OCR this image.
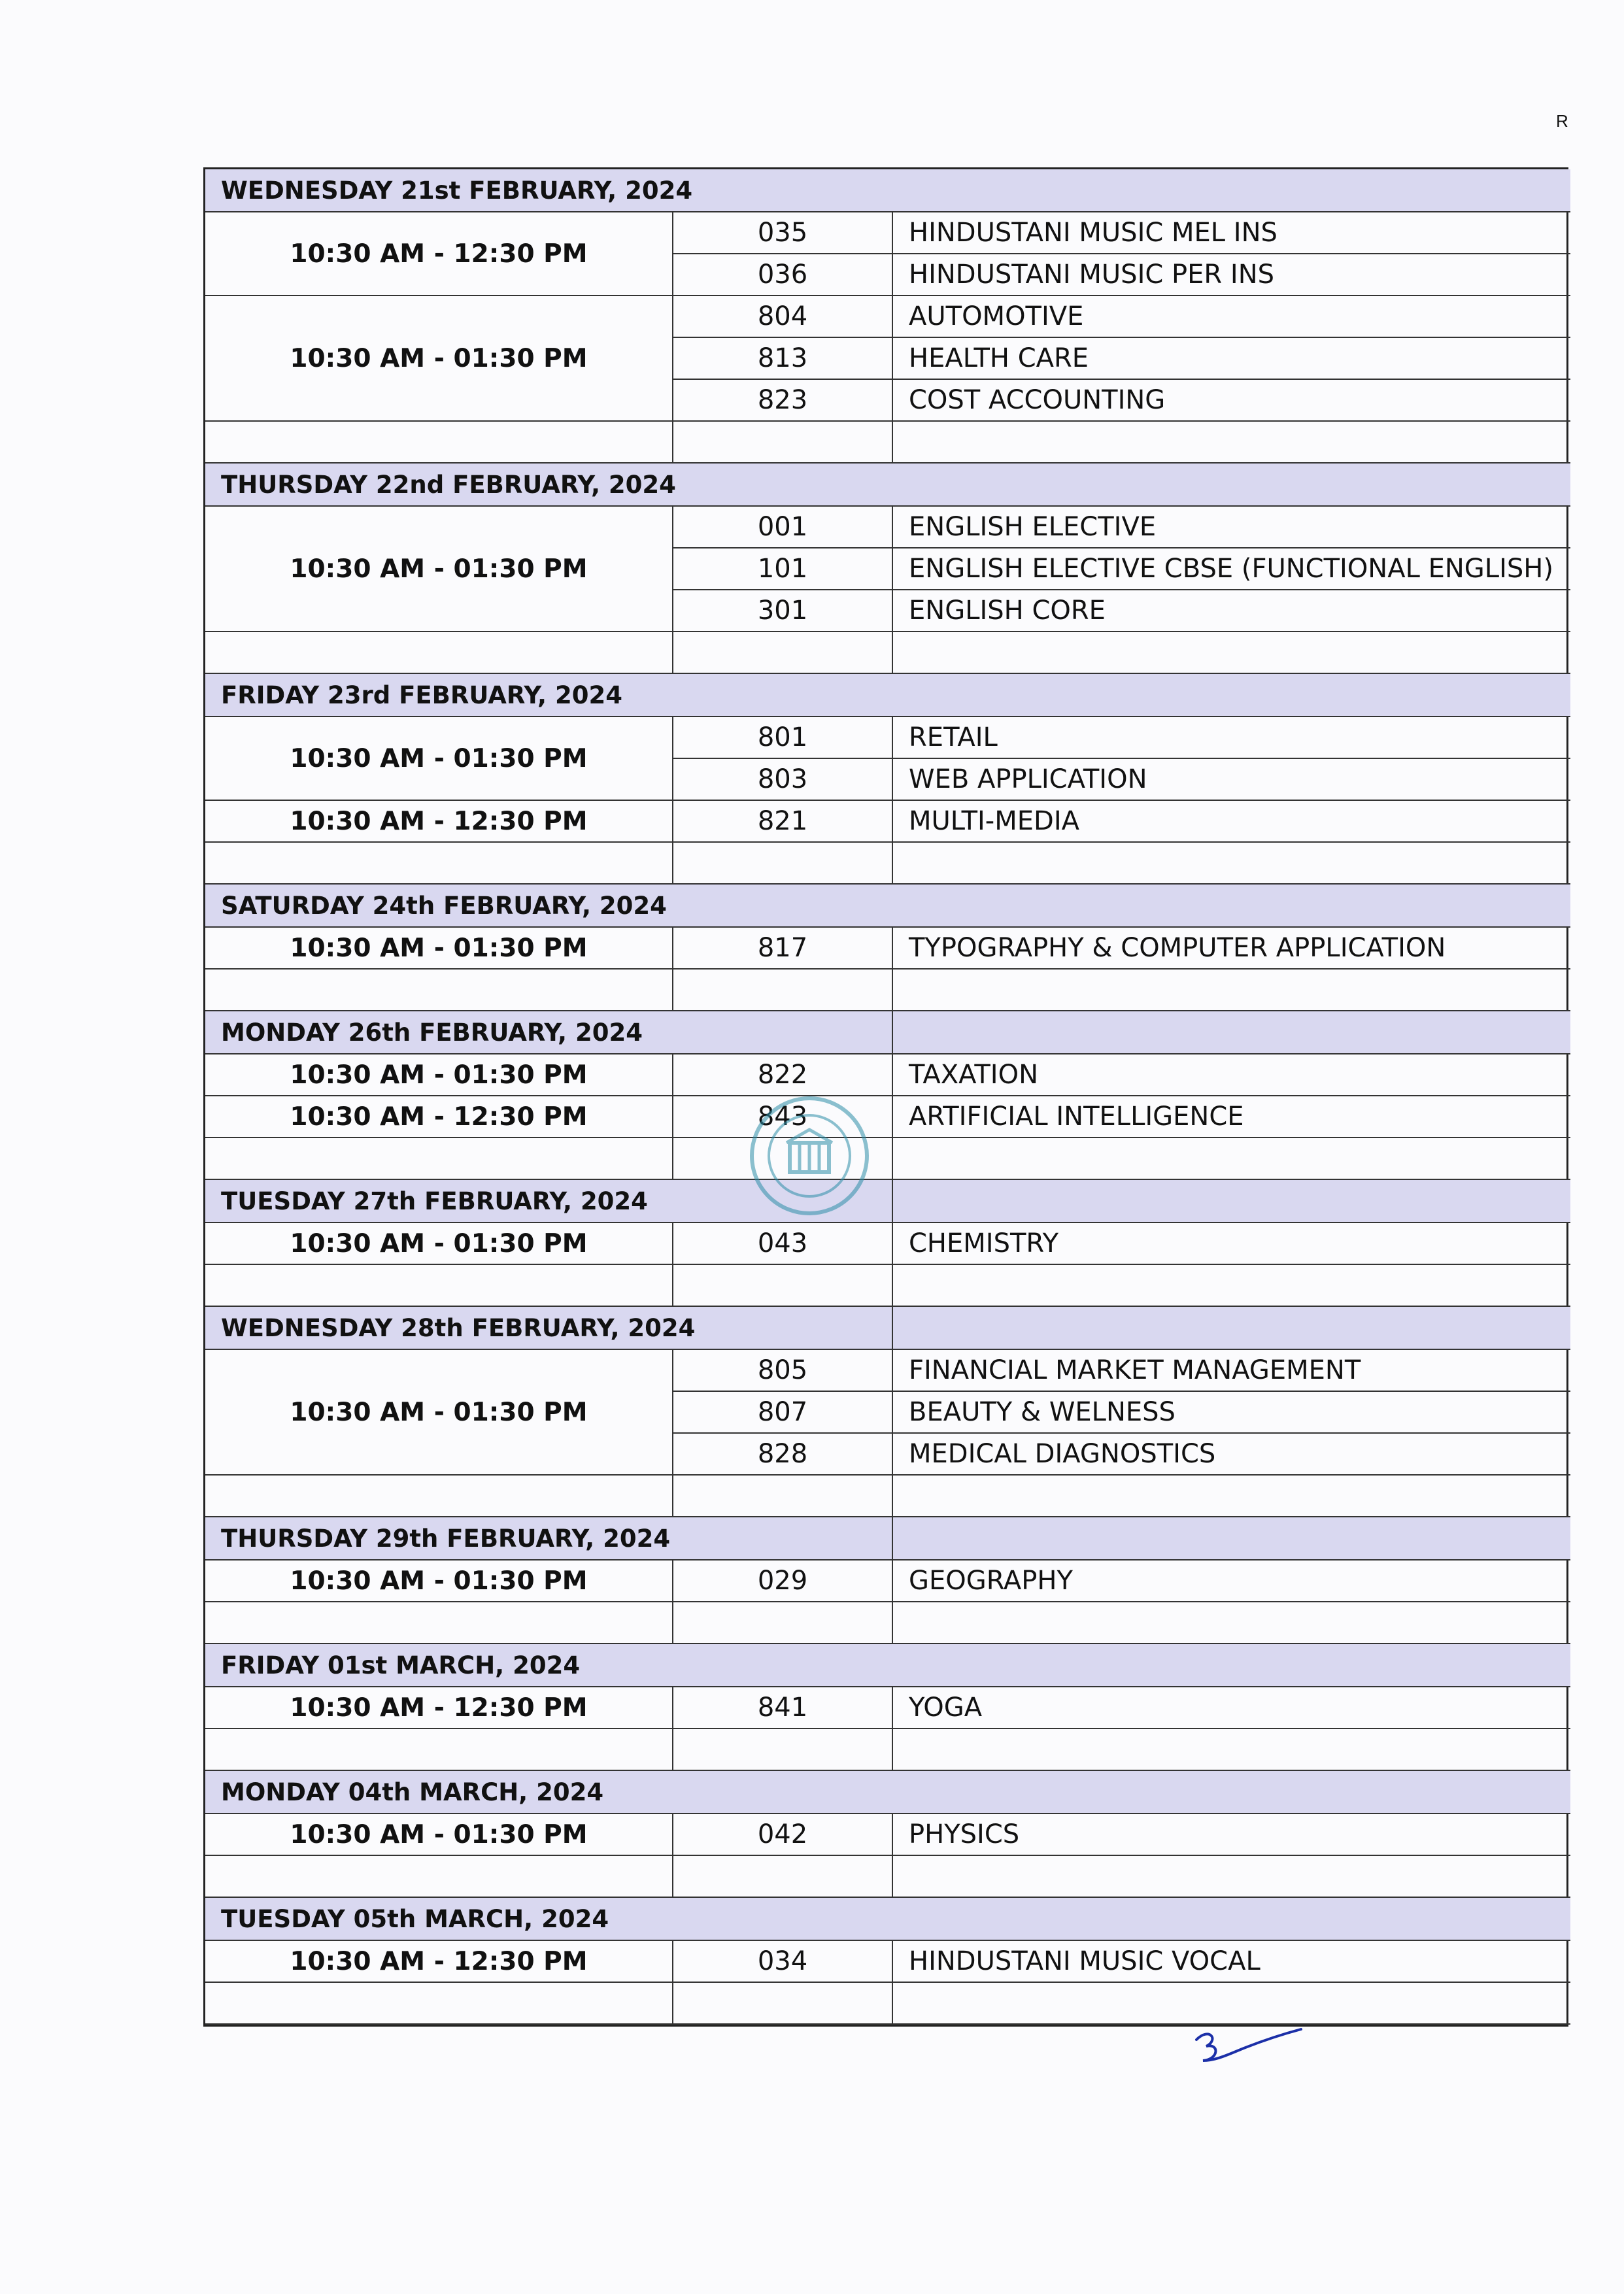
R
WEDNESDAY 21st FEBRUARY, 2024
10:30 AM - 12:30 PM
035	HINDUSTANI MUSIC MEL INS
036	HINDUSTANI MUSIC PER INS
10:30 AM - 01:30 PM
804	AUTOMOTIVE
813	HEALTH CARE
823	COST ACCOUNTING
THURSDAY 22nd FEBRUARY, 2024
10:30 AM - 01:30 PM
001	ENGLISH ELECTIVE
101	ENGLISH ELECTIVE CBSE (FUNCTIONAL ENGLISH)
301	ENGLISH CORE
FRIDAY 23rd FEBRUARY, 2024
10:30 AM - 01:30 PM
801	RETAIL
803	WEB APPLICATION
10:30 AM - 12:30 PM	821	MULTI-MEDIA
SATURDAY 24th FEBRUARY, 2024
10:30 AM - 01:30 PM	817	TYPOGRAPHY & COMPUTER APPLICATION
MONDAY 26th FEBRUARY, 2024
10:30 AM - 01:30 PM	822	TAXATION
10:30 AM - 12:30 PM	843	ARTIFICIAL INTELLIGENCE
TUESDAY 27th FEBRUARY, 2024
10:30 AM - 01:30 PM	043	CHEMISTRY
WEDNESDAY 28th FEBRUARY, 2024
10:30 AM - 01:30 PM
805	FINANCIAL MARKET MANAGEMENT
807	BEAUTY & WELNESS
828	MEDICAL DIAGNOSTICS
THURSDAY 29th FEBRUARY, 2024
10:30 AM - 01:30 PM	029	GEOGRAPHY
FRIDAY 01st MARCH, 2024
10:30 AM - 12:30 PM	841	YOGA
MONDAY 04th MARCH, 2024
10:30 AM - 01:30 PM	042	PHYSICS
TUESDAY 05th MARCH, 2024
10:30 AM - 12:30 PM	034	HINDUSTANI MUSIC VOCAL
